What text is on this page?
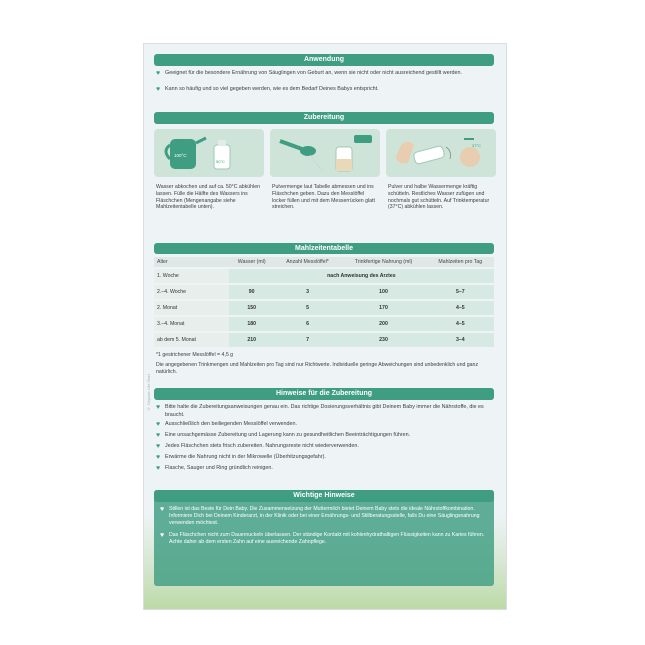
© Organic Life Start
Anwendung
♥ Geeignet für die besondere Ernährung von Säuglingen von Geburt an, wenn sie nicht oder nicht ausreichend gestillt werden.
♥ Kann so häufig und so viel gegeben werden, wie es dem Bedarf Deines Babys entspricht.
Zubereitung
100°C
50°C
37°C
Wasser abkochen und auf ca. 50°C abkühlen lassen. Fülle die Hälfte des Wassers ins Fläschchen (Mengenangabe siehe Mahlzeitentabelle unten).
Pulvermenge laut Tabelle abmessen und ins Fläschchen geben. Dazu den Messlöffel locker füllen und mit dem Messerrücken glatt streichen.
Pulver und halbe Wassermenge kräftig schütteln. Restliches Wasser zufügen und nochmals gut schütteln. Auf Trinktemperatur (37°C) abkühlen lassen.
Mahlzeitentabelle
Alter	Wasser (ml)	Anzahl Messlöffel*	Trinkfertige Nahrung (ml)	Mahlzeiten pro Tag
1. Woche	nach Anweisung des Arztes			
2.–4. Woche	90	3	100	5–7
2. Monat	150	5	170	4–5
3.–4. Monat	180	6	200	4–5
ab dem 5. Monat	210	7	230	3–4
*1 gestrichener Messlöffel = 4,5 g
Die angegebenen Trinkmengen und Mahlzeiten pro Tag sind nur Richtwerte. Individuelle geringe Abweichungen sind unbedenklich und ganz natürlich.
Hinweise für die Zubereitung
♥ Bitte halte die Zubereitungsanweisungen genau ein. Das richtige Dosierungsverhältnis gibt Deinem Baby immer die Nährstoffe, die es braucht.
♥ Ausschließlich den beiliegenden Messlöffel verwenden.
♥ Eine unsachgemässe Zubereitung und Lagerung kann zu gesundheitlichen Beeinträchtigungen führen.
♥ Jedes Fläschchen stets frisch zubereiten. Nahrungsreste nicht wiederverwenden.
♥ Erwärme die Nahrung nicht in der Mikrowelle (Überhitzungsgefahr).
♥ Flasche, Sauger und Ring gründlich reinigen.
Wichtige Hinweise
♥ Stillen ist das Beste für Dein Baby. Die Zusammensetzung der Muttermilch bietet Deinem Baby stets die ideale Nährstoffkombination. Informiere Dich bei Deinem Kinderarzt, in der Klinik oder bei einer Ernährungs- und Stillberatungsstelle, falls Du eine Säuglingsnahrung verwenden möchtest.
♥ Das Fläschchen nicht zum Dauernuckeln überlassen. Der ständige Kontakt mit kohlenhydrathaltigen Flüssigkeiten kann zu Karies führen. Achte daher ab dem ersten Zahn auf eine ausreichende Zahnpflege.
